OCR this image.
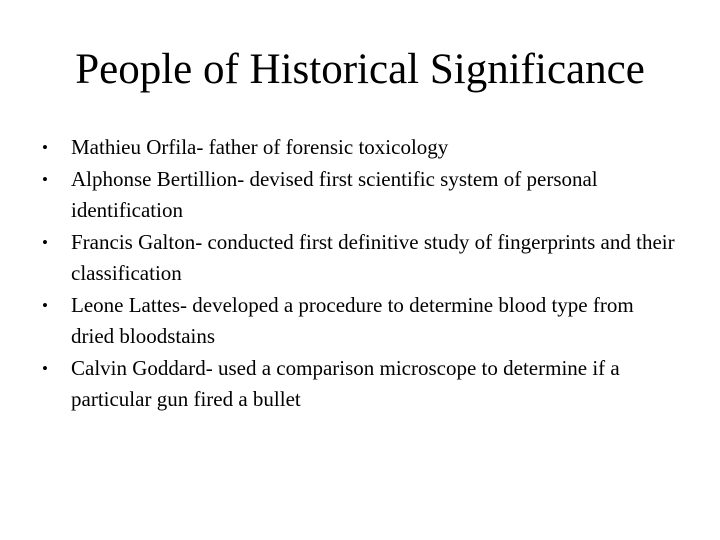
People of Historical Significance
•	Mathieu Orfila- father of forensic toxicology
•	Alphonse Bertillion- devised first scientific system of personal identification
•	Francis Galton- conducted first definitive study of fingerprints and their classification
•	Leone Lattes- developed a procedure to determine blood type from dried bloodstains
•	Calvin Goddard- used a comparison microscope to determine if a particular gun fired a bullet
